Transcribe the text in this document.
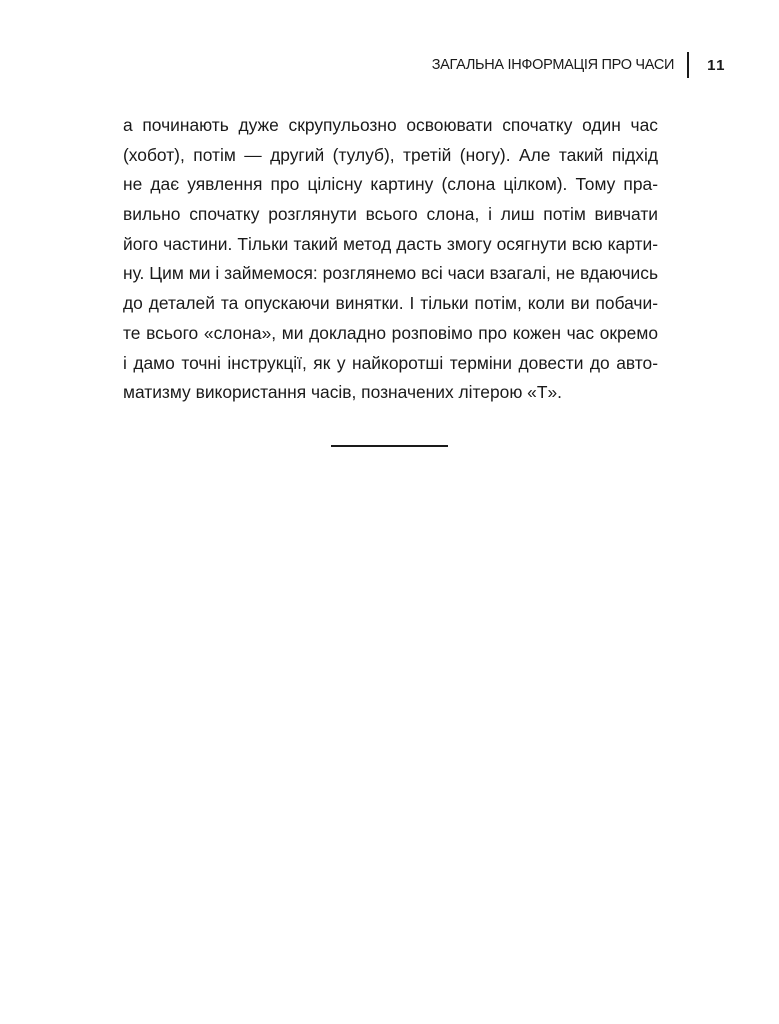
ЗАГАЛЬНА ІНФОРМАЦІЯ ПРО ЧАСИ 11
а починають дуже скрупульозно освоювати спочатку один час
(хобот), потім — другий (тулуб), третій (ногу). Але такий підхід
не дає уявлення про цілісну картину (слона цілком). Тому пра-
вильно спочатку розглянути всього слона, і лиш потім вивчати
його частини. Тільки такий метод дасть змогу осягнути всю карти-
ну. Цим ми і займемося: розглянемо всі часи взагалі, не вдаючись
до деталей та опускаючи винятки. І тільки потім, коли ви побачи-
те всього «слона», ми докладно розповімо про кожен час окремо
і дамо точні інструкції, як у найкоротші терміни довести до авто-
матизму використання часів, позначених літерою «T».
